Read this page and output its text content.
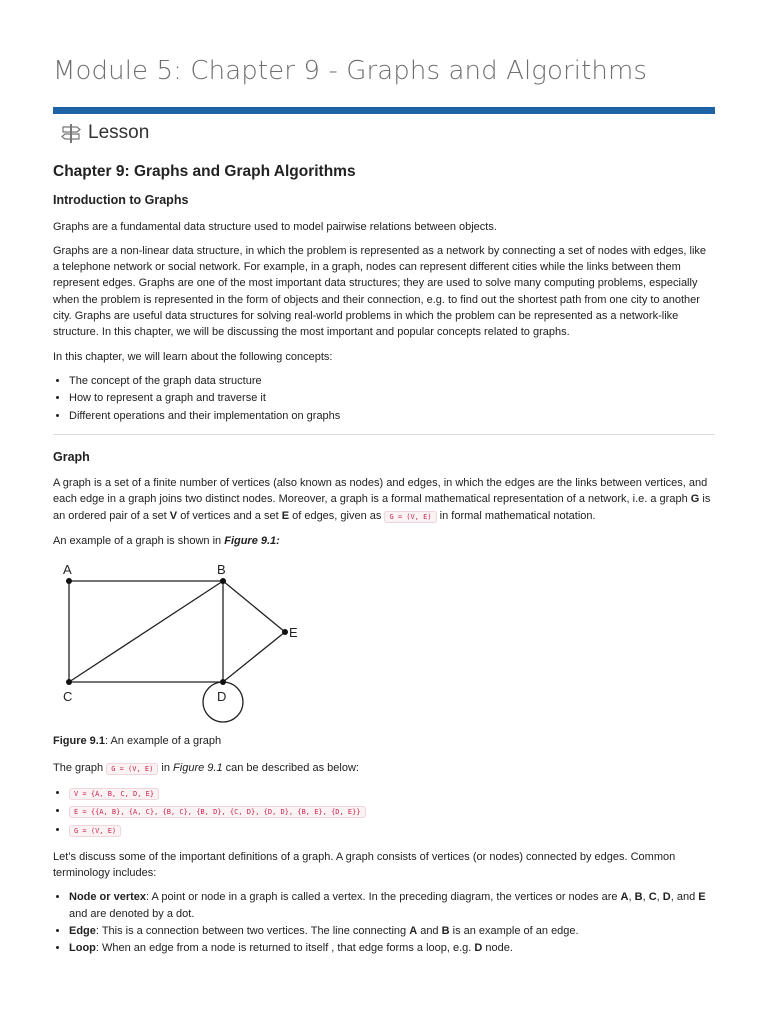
Module 5: Chapter 9 - Graphs and Algorithms
Lesson
Chapter 9: Graphs and Graph Algorithms
Introduction to Graphs

Graphs are a fundamental data structure used to model pairwise relations between objects.

Graphs are a non-linear data structure, in which the problem is represented as a network by connecting a set of nodes with edges, like a telephone network or social network. For example, in a graph, nodes can represent different cities while the links between them represent edges. Graphs are one of the most important data structures; they are used to solve many computing problems, especially when the problem is represented in the form of objects and their connection, e.g. to find out the shortest path from one city to another city. Graphs are useful data structures for solving real-world problems in which the problem can be represented as a network-like structure. In this chapter, we will be discussing the most important and popular concepts related to graphs.

In this chapter, we will learn about the following concepts:

• The concept of the graph data structure
• How to represent a graph and traverse it
• Different operations and their implementation on graphs
Graph

A graph is a set of a finite number of vertices (also known as nodes) and edges, in which the edges are the links between vertices, and each edge in a graph joins two distinct nodes. Moreover, a graph is a formal mathematical representation of a network, i.e. a graph G is an ordered pair of a set V of vertices and a set E of edges, given as G = (V, E) in formal mathematical notation.

An example of a graph is shown in Figure 9.1:

A	B
C	D
E

Figure 9.1: An example of a graph

The graph G = (V, E) in Figure 9.1 can be described as below:

• V = {A, B, C, D, E}
• E = {{A, B}, {A, C}, {B, C}, {B, D}, {C, D}, {D, D}, {B, E}, {D, E}}
• G = (V, E)

Let’s discuss some of the important definitions of a graph. A graph consists of vertices (or nodes) connected by edges. Common terminology includes:

• Node or vertex: A point or node in a graph is called a vertex. In the preceding diagram, the vertices or nodes are A, B, C, D, and E and are denoted by a dot.
• Edge: This is a connection between two vertices. The line connecting A and B is an example of an edge.
• Loop: When an edge from a node is returned to itself , that edge forms a loop, e.g. D node.
